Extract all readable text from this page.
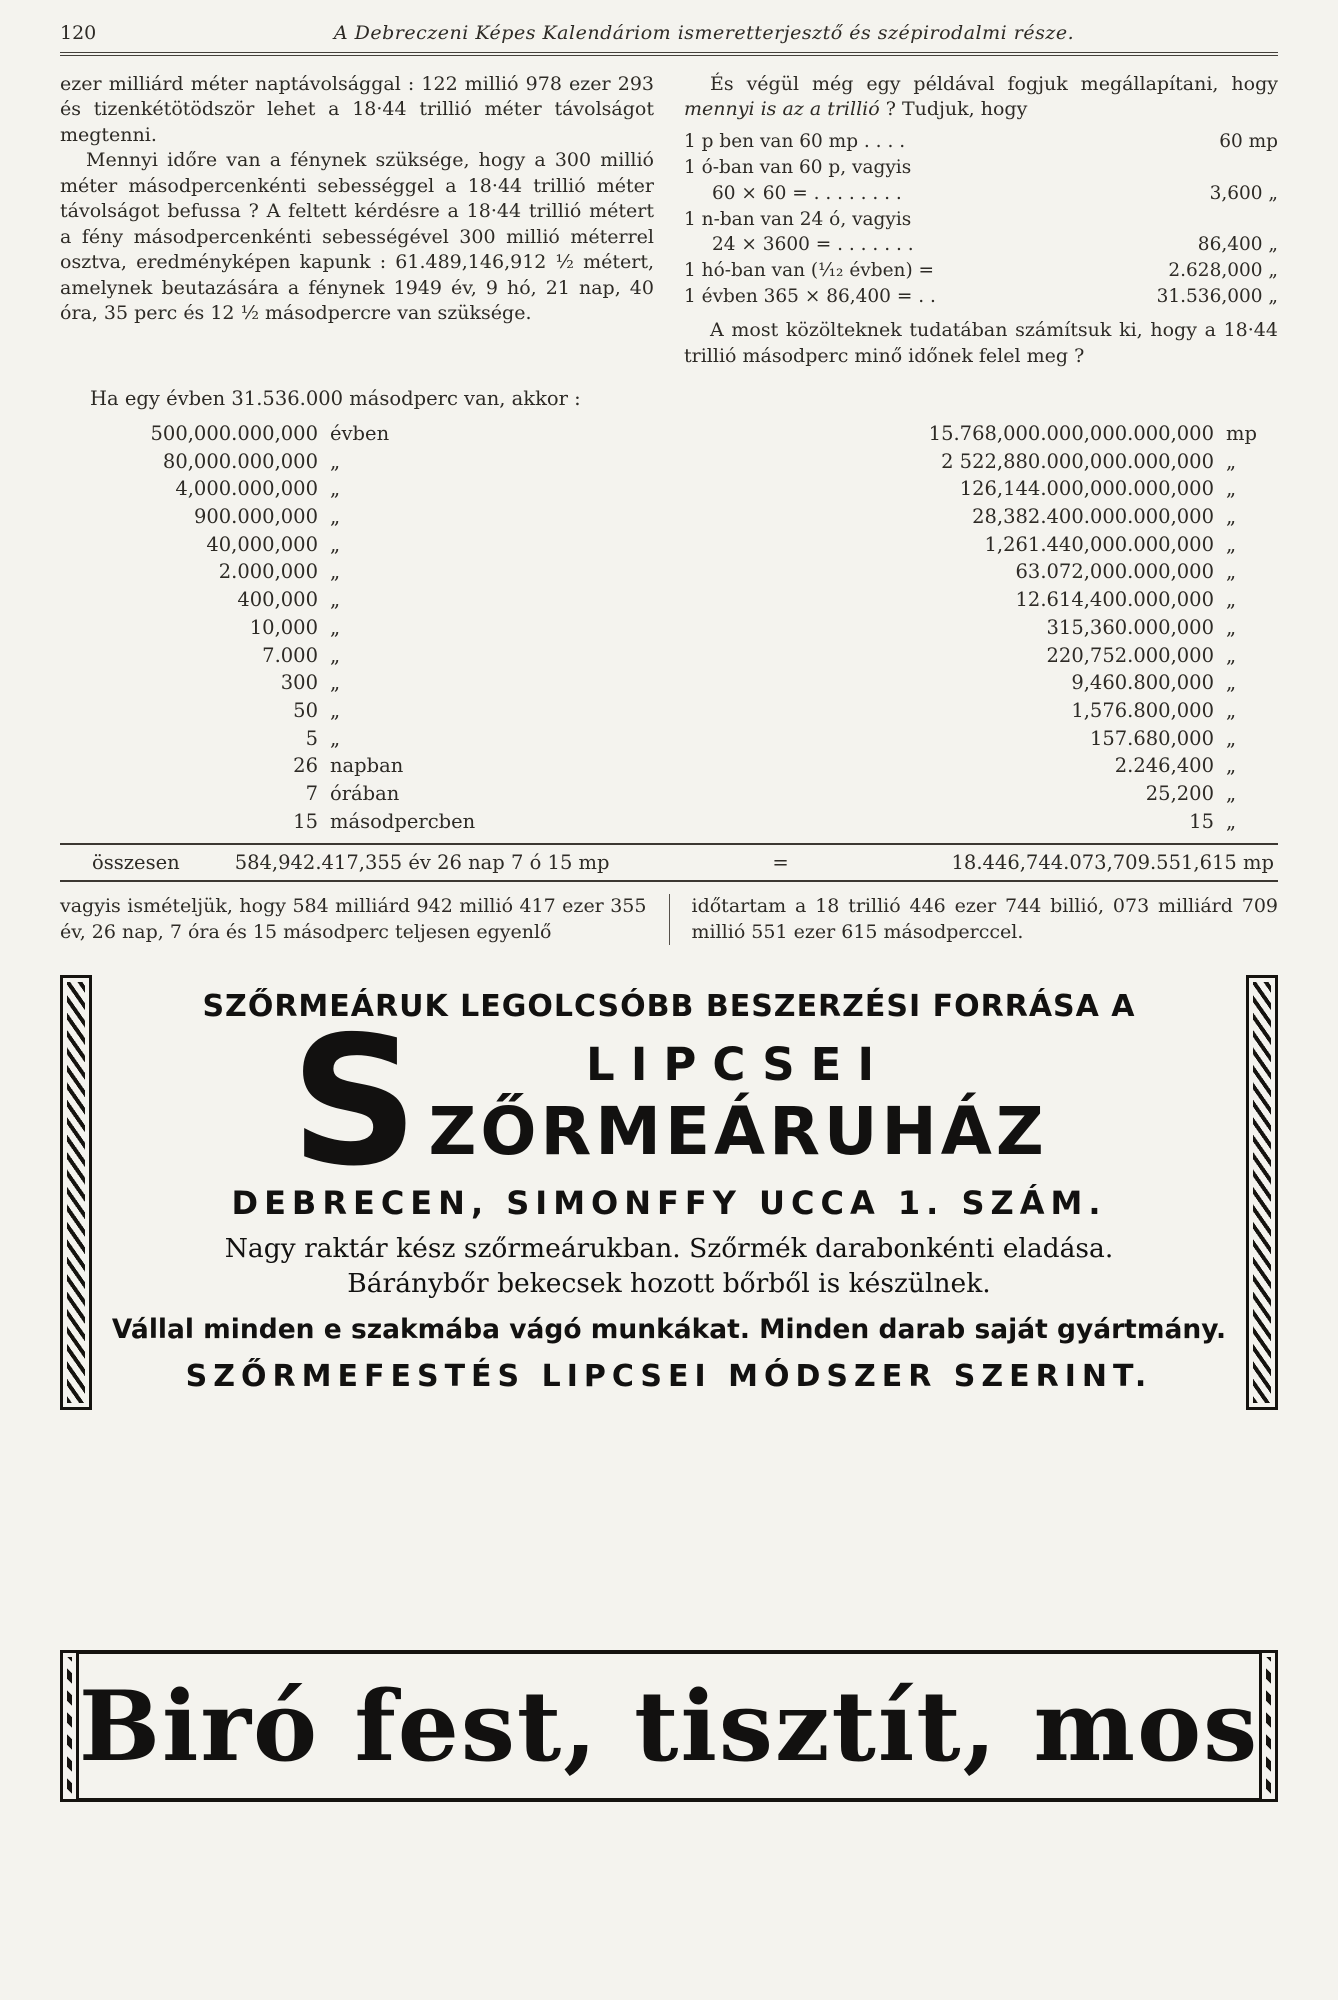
120	A Debreczeni Képes Kalendáriom ismeretterjesztő és szépirodalmi része.

ezer milliárd méter naptávolsággal : 122 millió 978 ezer 293 és tizenkétötödször lehet a 18·44 trillió méter távolságot megtenni.

Mennyi időre van a fénynek szüksége, hogy a 300 millió méter másodpercenkénti sebességgel a 18·44 trillió méter távolságot befussa ? A feltett kérdésre a 18·44 trillió métert a fény másodpercenkénti sebességével 300 millió méterrel osztva, eredményképen kapunk : 61.489,146,912 ½ métert, amelynek beutazására a fénynek 1949 év, 9 hó, 21 nap, 40 óra, 35 perc és 12 ½ másodpercre van szüksége.

És végül még egy példával fogjuk megállapítani, hogy mennyi is az a trillió ? Tudjuk, hogy

1 p ben van 60 mp . . . .	60 mp
1 ó-ban van 60 p, vagyis
60 × 60 = . . . . . . . .	3,600 „
1 n-ban van 24 ó, vagyis
24 × 3600 = . . . . . . .	86,400 „
1 hó-ban van (¹⁄₁₂ évben) =	2.628,000 „
1 évben 365 × 86,400 = . .	31.536,000 „

A most közölteknek tudatában számítsuk ki, hogy a 18·44 trillió másodperc minő időnek felel meg ?

Ha egy évben 31.536.000 másodperc van, akkor :

500,000.000,000 évben	15.768,000.000,000.000,000 mp
80,000.000,000 „	2 522,880.000,000.000,000 „
4,000.000,000 „	126,144.000,000.000,000 „
900.000,000 „	28,382.400.000.000,000 „
40,000,000 „	1,261.440,000.000,000 „
2.000,000 „	63.072,000.000,000 „
400,000 „	12.614,400.000,000 „
10,000 „	315,360.000,000 „
7.000 „	220,752.000,000 „
300 „	9,460.800,000 „
50 „	1,576.800,000 „
5 „	157.680,000 „
26 napban	2.246,400 „
7 órában	25,200 „
15 másodpercben	15 „
összesen	584,942.417,355 év 26 nap 7 ó 15 mp	=	18.446,744.073,709.551,615 mp

vagyis ismételjük, hogy 584 milliárd 942 millió 417 ezer 355 év, 26 nap, 7 óra és 15 másodperc teljesen egyenlő

időtartam a 18 trillió 446 ezer 744 billió, 073 milliárd 709 millió 551 ezer 615 másodperccel.

SZŐRMEÁRUK LEGOLCSÓBB BESZERZÉSI FORRÁSA A
S	LIPCSEI
ZŐRMEÁRUHÁZ
DEBRECEN, SIMONFFY UCCA 1. SZÁM.
Nagy raktár kész szőrmeárukban. Szőrmék darabonkénti eladása. Báránybőr bekecsek hozott bőrből is készülnek.
Vállal minden e szakmába vágó munkákat. Minden darab saját gyártmány.
SZŐRMEFESTÉS LIPCSEI MÓDSZER SZERINT.
Biró fest, tisztít, mos
